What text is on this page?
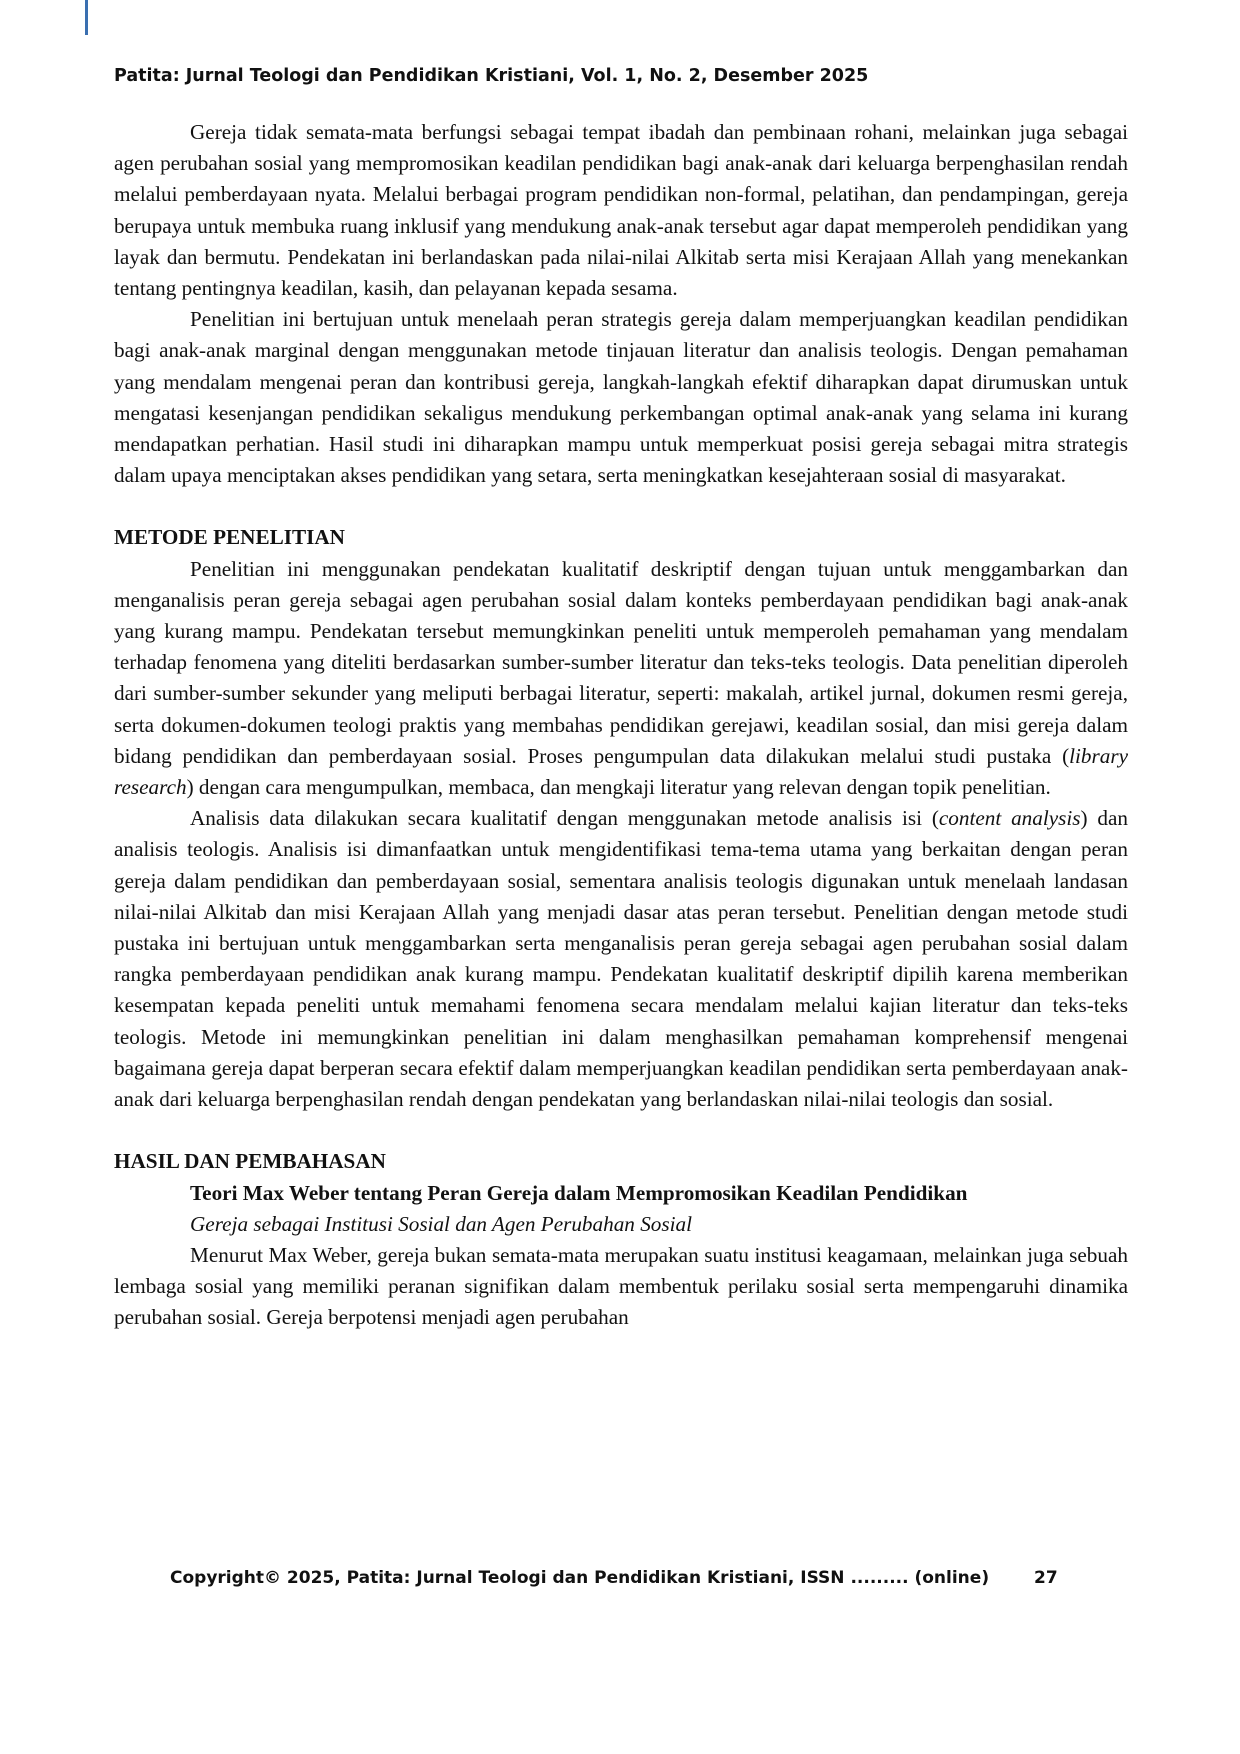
Patita: Jurnal Teologi dan Pendidikan Kristiani, Vol. 1, No. 2, Desember 2025

Gereja tidak semata-mata berfungsi sebagai tempat ibadah dan pembinaan rohani, melainkan juga sebagai agen perubahan sosial yang mempromosikan keadilan pendidikan bagi anak-anak dari keluarga berpenghasilan rendah melalui pemberdayaan nyata. Melalui berbagai program pendidikan non-formal, pelatihan, dan pendampingan, gereja berupaya untuk membuka ruang inklusif yang mendukung anak-anak tersebut agar dapat memperoleh pendidikan yang layak dan bermutu. Pendekatan ini berlandaskan pada nilai-nilai Alkitab serta misi Kerajaan Allah yang menekankan tentang pentingnya keadilan, kasih, dan pelayanan kepada sesama.

Penelitian ini bertujuan untuk menelaah peran strategis gereja dalam memperjuangkan keadilan pendidikan bagi anak-anak marginal dengan menggunakan metode tinjauan literatur dan analisis teologis. Dengan pemahaman yang mendalam mengenai peran dan kontribusi gereja, langkah-langkah efektif diharapkan dapat dirumuskan untuk mengatasi kesenjangan pendidikan sekaligus mendukung perkembangan optimal anak-anak yang selama ini kurang mendapatkan perhatian. Hasil studi ini diharapkan mampu untuk memperkuat posisi gereja sebagai mitra strategis dalam upaya menciptakan akses pendidikan yang setara, serta meningkatkan kesejahteraan sosial di masyarakat.

METODE PENELITIAN

Penelitian ini menggunakan pendekatan kualitatif deskriptif dengan tujuan untuk menggambarkan dan menganalisis peran gereja sebagai agen perubahan sosial dalam konteks pemberdayaan pendidikan bagi anak-anak yang kurang mampu. Pendekatan tersebut memungkinkan peneliti untuk memperoleh pemahaman yang mendalam terhadap fenomena yang diteliti berdasarkan sumber-sumber literatur dan teks-teks teologis. Data penelitian diperoleh dari sumber-sumber sekunder yang meliputi berbagai literatur, seperti: makalah, artikel jurnal, dokumen resmi gereja, serta dokumen-dokumen teologi praktis yang membahas pendidikan gerejawi, keadilan sosial, dan misi gereja dalam bidang pendidikan dan pemberdayaan sosial. Proses pengumpulan data dilakukan melalui studi pustaka (library research) dengan cara mengumpulkan, membaca, dan mengkaji literatur yang relevan dengan topik penelitian.

Analisis data dilakukan secara kualitatif dengan menggunakan metode analisis isi (content analysis) dan analisis teologis. Analisis isi dimanfaatkan untuk mengidentifikasi tema-tema utama yang berkaitan dengan peran gereja dalam pendidikan dan pemberdayaan sosial, sementara analisis teologis digunakan untuk menelaah landasan nilai-nilai Alkitab dan misi Kerajaan Allah yang menjadi dasar atas peran tersebut. Penelitian dengan metode studi pustaka ini bertujuan untuk menggambarkan serta menganalisis peran gereja sebagai agen perubahan sosial dalam rangka pemberdayaan pendidikan anak kurang mampu. Pendekatan kualitatif deskriptif dipilih karena memberikan kesempatan kepada peneliti untuk memahami fenomena secara mendalam melalui kajian literatur dan teks-teks teologis. Metode ini memungkinkan penelitian ini dalam menghasilkan pemahaman komprehensif mengenai bagaimana gereja dapat berperan secara efektif dalam memperjuangkan keadilan pendidikan serta pemberdayaan anak-anak dari keluarga berpenghasilan rendah dengan pendekatan yang berlandaskan nilai-nilai teologis dan sosial.

HASIL DAN PEMBAHASAN
Teori Max Weber tentang Peran Gereja dalam Mempromosikan Keadilan Pendidikan
Gereja sebagai Institusi Sosial dan Agen Perubahan Sosial

Menurut Max Weber, gereja bukan semata-mata merupakan suatu institusi keagamaan, melainkan juga sebuah lembaga sosial yang memiliki peranan signifikan dalam membentuk perilaku sosial serta mempengaruhi dinamika perubahan sosial. Gereja berpotensi menjadi agen perubahan

Copyright© 2025, Patita: Jurnal Teologi dan Pendidikan Kristiani, ISSN ......... (online)	27
